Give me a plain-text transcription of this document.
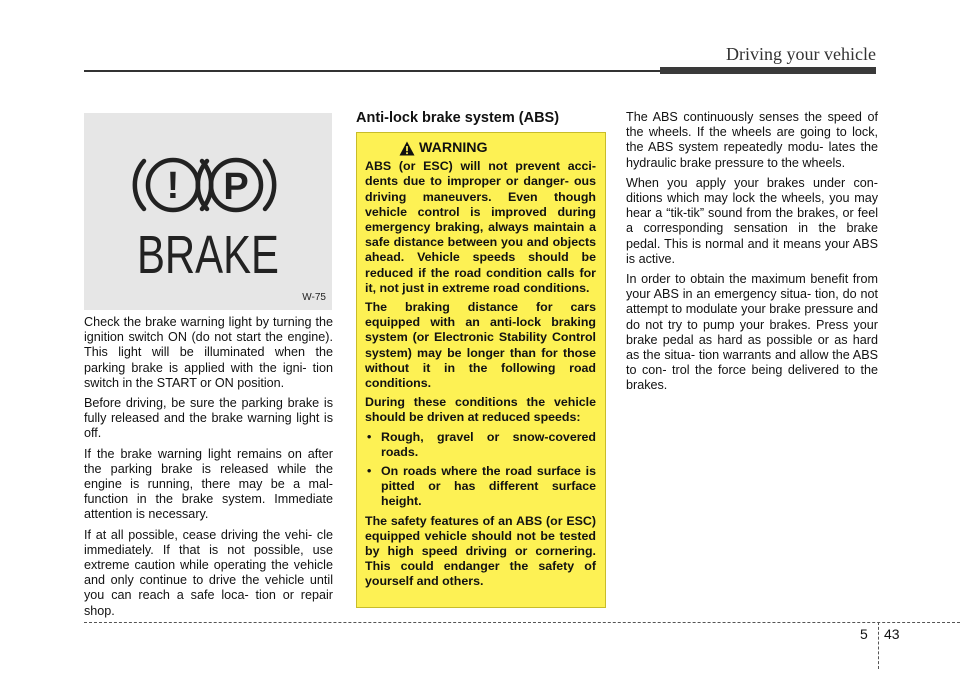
Driving your vehicle
! P
BRAKE
W-75

Check the brake warning light by turning the ignition switch ON (do not start the engine). This light will be illuminated when the parking brake is applied with the igni- tion switch in the START or ON position.

Before driving, be sure the parking brake is fully released and the brake warning light is off.

If the brake warning light remains on after the parking brake is released while the engine is running, there may be a mal- function in the brake system. Immediate attention is necessary.

If at all possible, cease driving the vehi- cle immediately. If that is not possible, use extreme caution while operating the vehicle and only continue to drive the vehicle until you can reach a safe loca- tion or repair shop.

Anti-lock brake system (ABS)
WARNING

ABS (or ESC) will not prevent acci- dents due to improper or danger- ous driving maneuvers. Even though vehicle control is improved during emergency braking, always maintain a safe distance between you and objects ahead. Vehicle speeds should be reduced if the road condition calls for it, not just in extreme road conditions.

The braking distance for cars equipped with an anti-lock braking system (or Electronic Stability Control system) may be longer than for those without it in the following road conditions.

During these conditions the vehicle should be driven at reduced speeds:

• Rough, gravel or snow-covered roads.
• On roads where the road surface is pitted or has different surface height.

The safety features of an ABS (or ESC) equipped vehicle should not be tested by high speed driving or cornering. This could endanger the safety of yourself and others.

The ABS continuously senses the speed of the wheels. If the wheels are going to lock, the ABS system repeatedly modu- lates the hydraulic brake pressure to the wheels.

When you apply your brakes under con- ditions which may lock the wheels, you may hear a “tik-tik” sound from the brakes, or feel a corresponding sensation in the brake pedal. This is normal and it means your ABS is active.

In order to obtain the maximum benefit from your ABS in an emergency situa- tion, do not attempt to modulate your brake pressure and do not try to pump your brakes. Press your brake pedal as hard as possible or as hard as the situa- tion warrants and allow the ABS to con- trol the force being delivered to the brakes.

5 43
